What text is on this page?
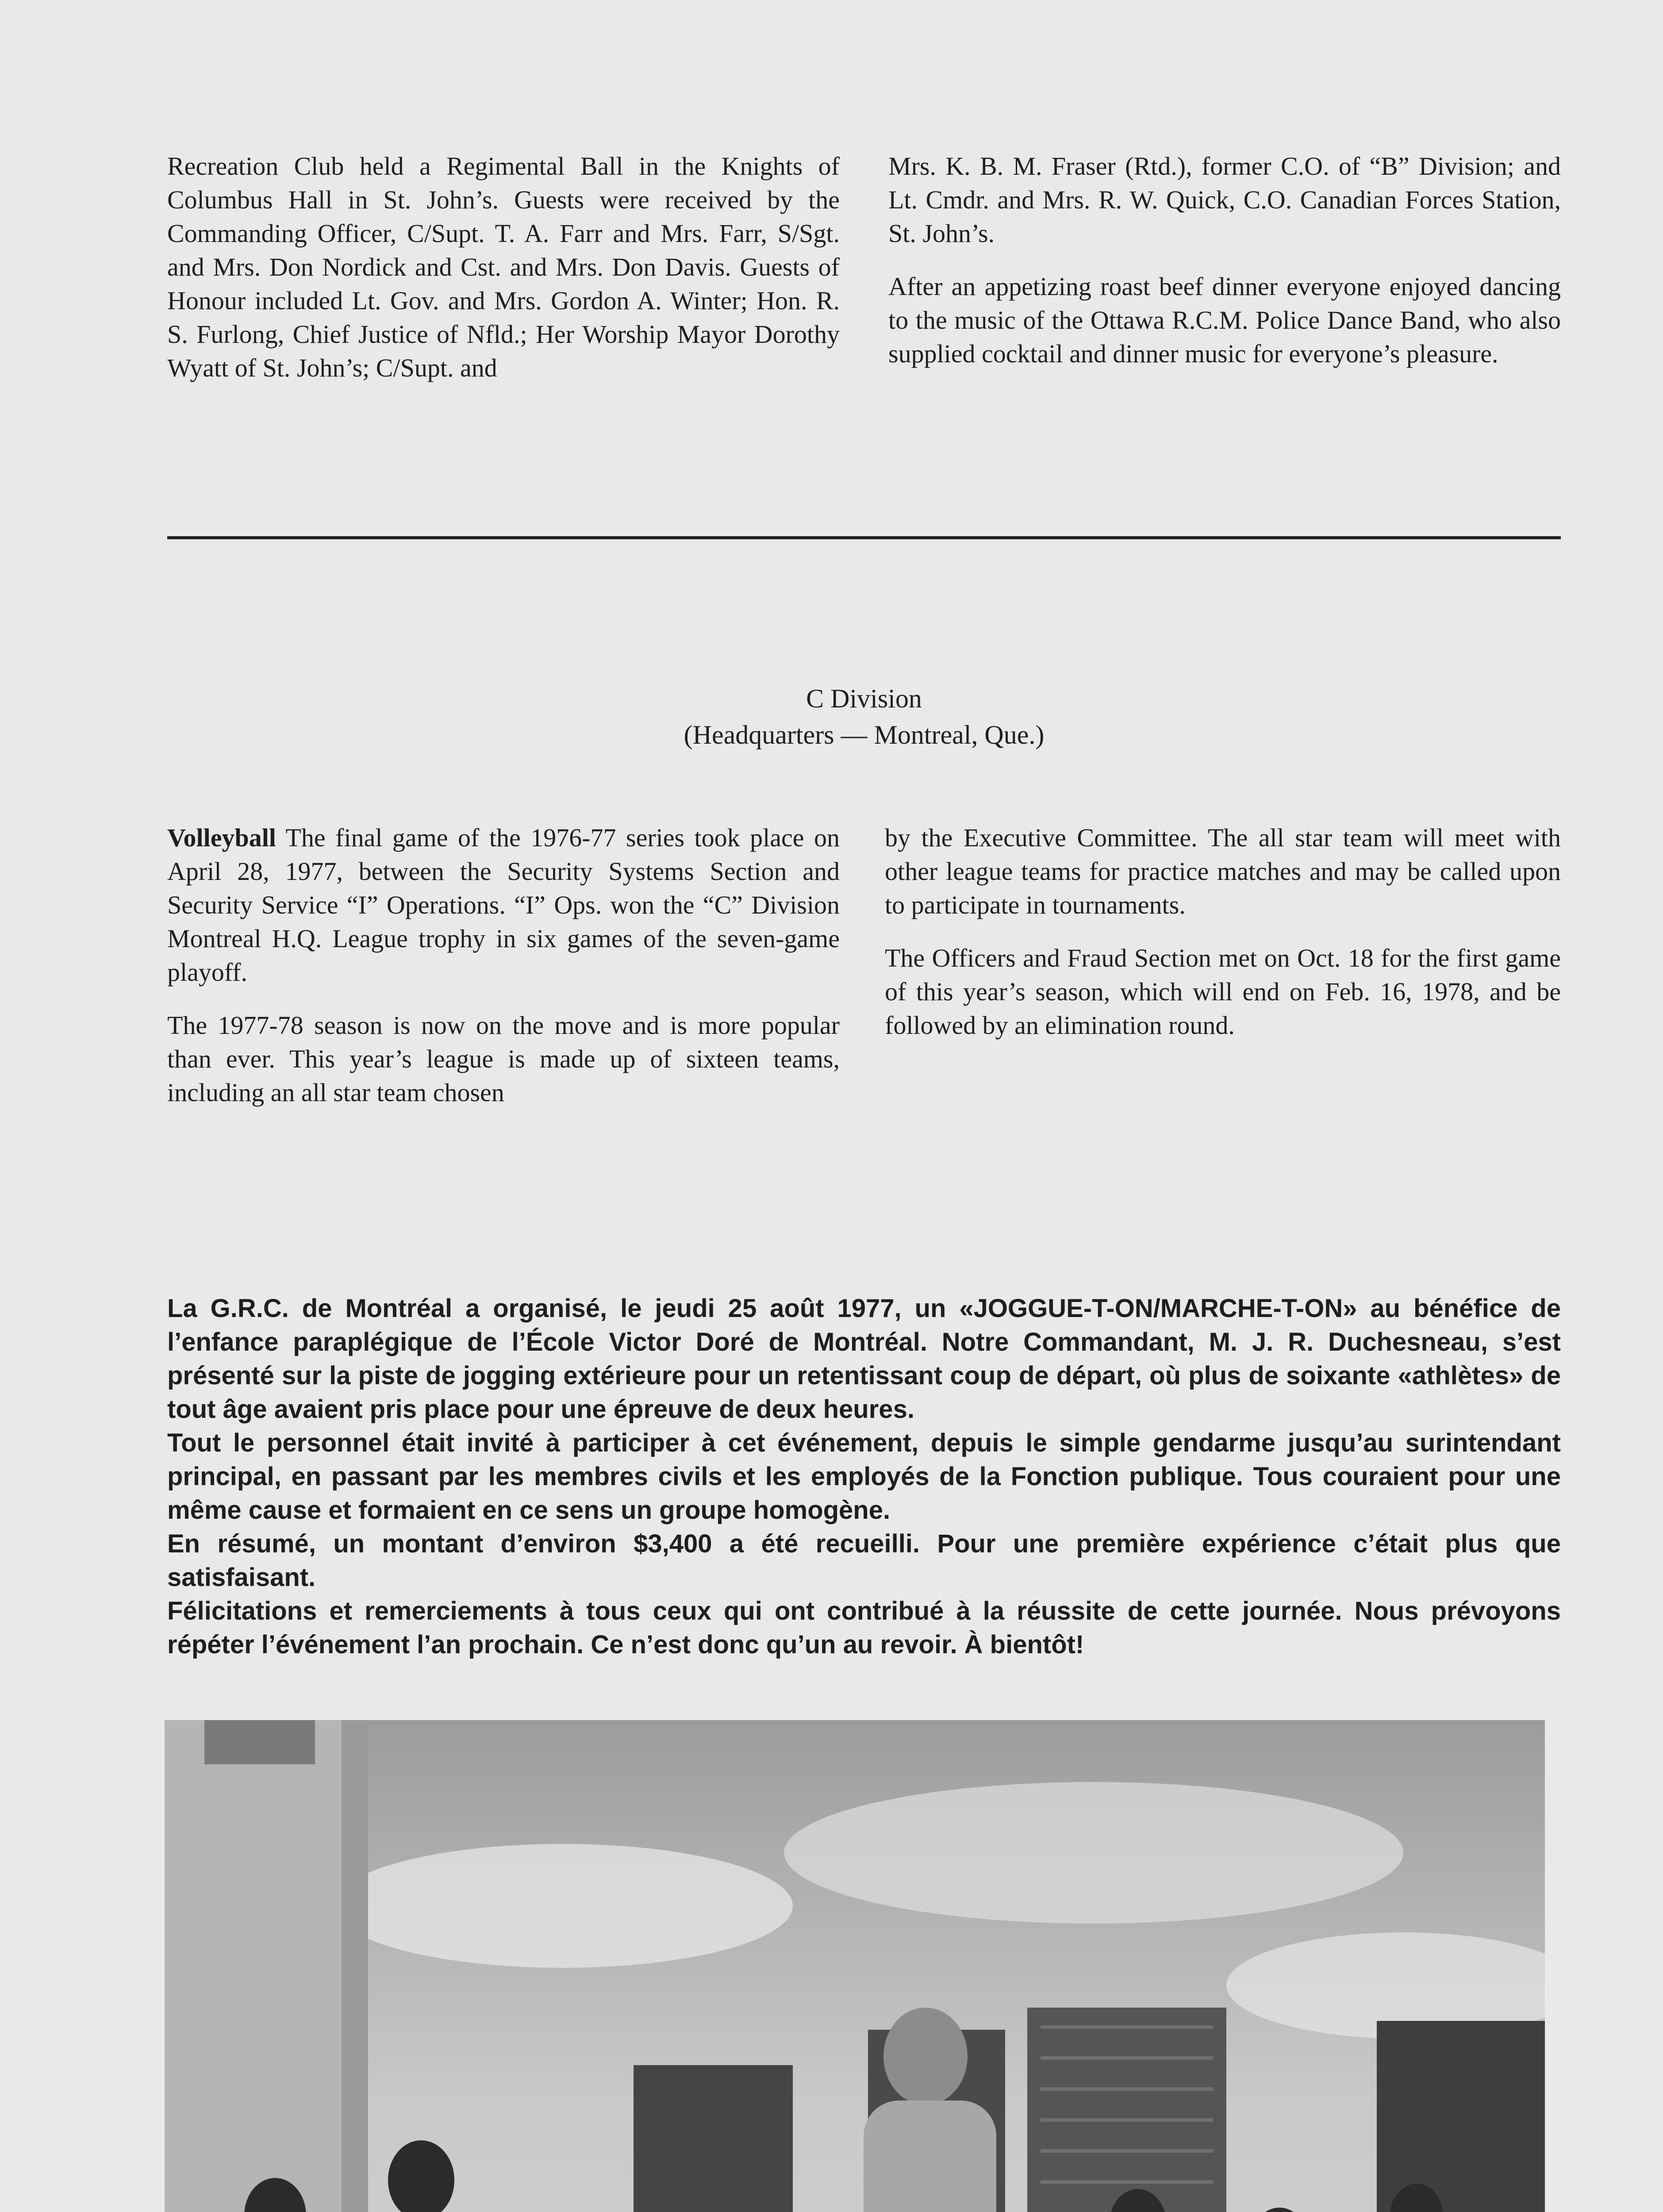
Recreation Club held a Regimental Ball in the Knights of Columbus Hall in St. John’s. Guests were received by the Commanding Officer, C/Supt. T. A. Farr and Mrs. Farr, S/Sgt. and Mrs. Don Nordick and Cst. and Mrs. Don Davis. Guests of Honour included Lt. Gov. and Mrs. Gordon A. Winter; Hon. R. S. Furlong, Chief Justice of Nfld.; Her Worship Mayor Dorothy Wyatt of St. John’s; C/Supt. and

Mrs. K. B. M. Fraser (Rtd.), former C.O. of “B” Division; and Lt. Cmdr. and Mrs. R. W. Quick, C.O. Canadian Forces Station, St. John’s.

After an appetizing roast beef dinner everyone enjoyed dancing to the music of the Ottawa R.C.M. Police Dance Band, who also supplied cocktail and dinner music for everyone’s pleasure.

C Division
(Headquarters — Montreal, Que.)

Volleyball The final game of the 1976-77 series took place on April 28, 1977, between the Security Systems Section and Security Service “I” Operations. “I” Ops. won the “C” Division Montreal H.Q. League trophy in six games of the seven-game playoff.

The 1977-78 season is now on the move and is more popular than ever. This year’s league is made up of sixteen teams, including an all star team chosen

by the Executive Committee. The all star team will meet with other league teams for practice matches and may be called upon to participate in tournaments.

The Officers and Fraud Section met on Oct. 18 for the first game of this year’s season, which will end on Feb. 16, 1978, and be followed by an elimination round.

La G.R.C. de Montréal a organisé, le jeudi 25 août 1977, un «JOGGUE-T-ON/MARCHE-T-ON» au bénéfice de l’enfance paraplégique de l’École Victor Doré de Montréal. Notre Commandant, M. J. R. Duchesneau, s’est présenté sur la piste de jogging extérieure pour un retentissant coup de départ, où plus de soixante «athlètes» de tout âge avaient pris place pour une épreuve de deux heures.

Tout le personnel était invité à participer à cet événement, depuis le simple gendarme jusqu’au surintendant principal, en passant par les membres civils et les employés de la Fonction publique. Tous couraient pour une même cause et formaient en ce sens un groupe homogène.

En résumé, un montant d’environ $3,400 a été recueilli. Pour une première expérience c’était plus que satisfaisant.

Félicitations et remerciements à tous ceux qui ont contribué à la réussite de cette journée. Nous prévoyons répéter l’événement l’an prochain. Ce n’est donc qu’un au revoir. À bientôt!
